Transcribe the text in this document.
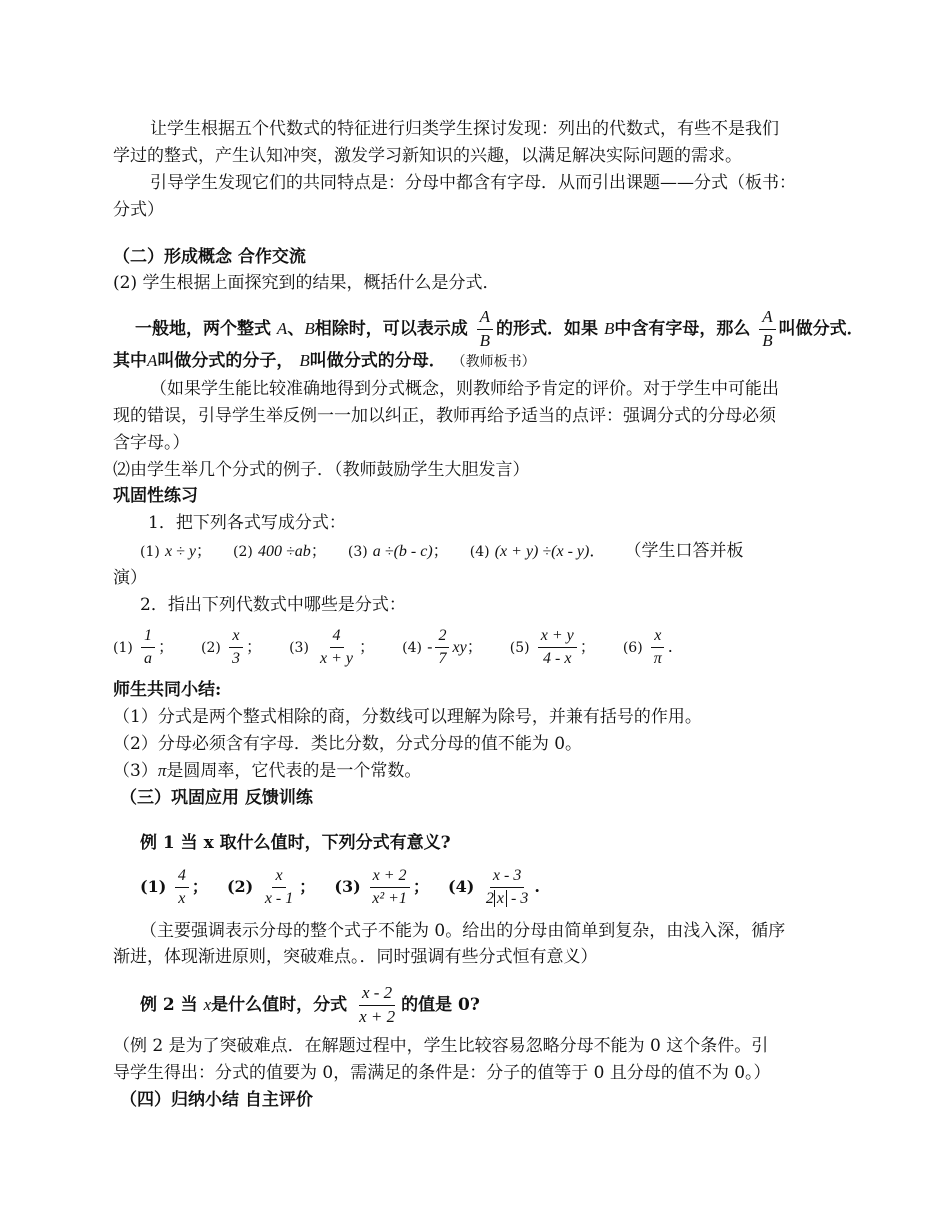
让学生根据五个代数式的特征进行归类学生探讨发现：列出的代数式，有些不是我们
学过的整式，产生认知冲突，激发学习新知识的兴趣，以满足解决实际问题的需求。
引导学生发现它们的共同特点是：分母中都含有字母．从而引出课题——分式（板书：
分式）
（二）形成概念 合作交流
(2) 学生根据上面探究到的结果，概括什么是分式．
一般地，两个整式 A、B相除时，可以表示成 $\frac{A}{B}$ 的形式．如果 B中含有字母，那么 $\frac{A}{B}$ 叫做分式．
其中A叫做分式的分子， B叫做分式的分母． （教师板书）
（如果学生能比较准确地得到分式概念，则教师给予肯定的评价。对于学生中可能出
现的错误，引导学生举反例一一加以纠正，教师再给予适当的点评：强调分式的分母必须
含字母。）
⑵由学生举几个分式的例子．（教师鼓励学生大胆发言）
巩固性练习
1．把下列各式写成分式：
(1) x ÷ y； (2) 400 ÷ab； (3) a ÷(b - c)； (4) (x + y) ÷(x - y)． （学生口答并板
演）
2．指出下列代数式中哪些是分式：
$(1) \frac{1}{a}$ ； $(2) \frac{x}{3}$ ； $(3) \frac{4}{x + y}$ ； $(4) - \frac{2}{7}$ xy； $(5) \frac{x + y}{4 - x}$ ； $(6) \frac{x}{\pi}$ .
师生共同小结:
（1）分式是两个整式相除的商，分数线可以理解为除号，并兼有括号的作用。
（2）分母必须含有字母．类比分数，分式分母的值不能为 0。
（3）π是圆周率，它代表的是一个常数。
（三）巩固应用 反馈训练
例 1 当 x 取什么值时，下列分式有意义?
$(1) \frac{4}{x}$ ； $(2) \frac{x}{x - 1}$ ； $(3) \frac{x + 2}{\text{x² +1}}$ ； $(4) \frac{x - 3}{2 x - 3}$ .
（主要强调表示分母的整个式子不能为 0。给出的分母由简单到复杂，由浅入深，循序
渐进，体现渐进原则，突破难点。．同时强调有些分式恒有意义）
例 2 当 x是什么值时，分式 $\frac{x - 2}{x + 2}$ 的值是 0?
（例 2 是为了突破难点．在解题过程中，学生比较容易忽略分母不能为 0 这个条件。引
导学生得出：分式的值要为 0，需满足的条件是：分子的值等于 0 且分母的值不为 0。）
（四）归纳小结 自主评价
